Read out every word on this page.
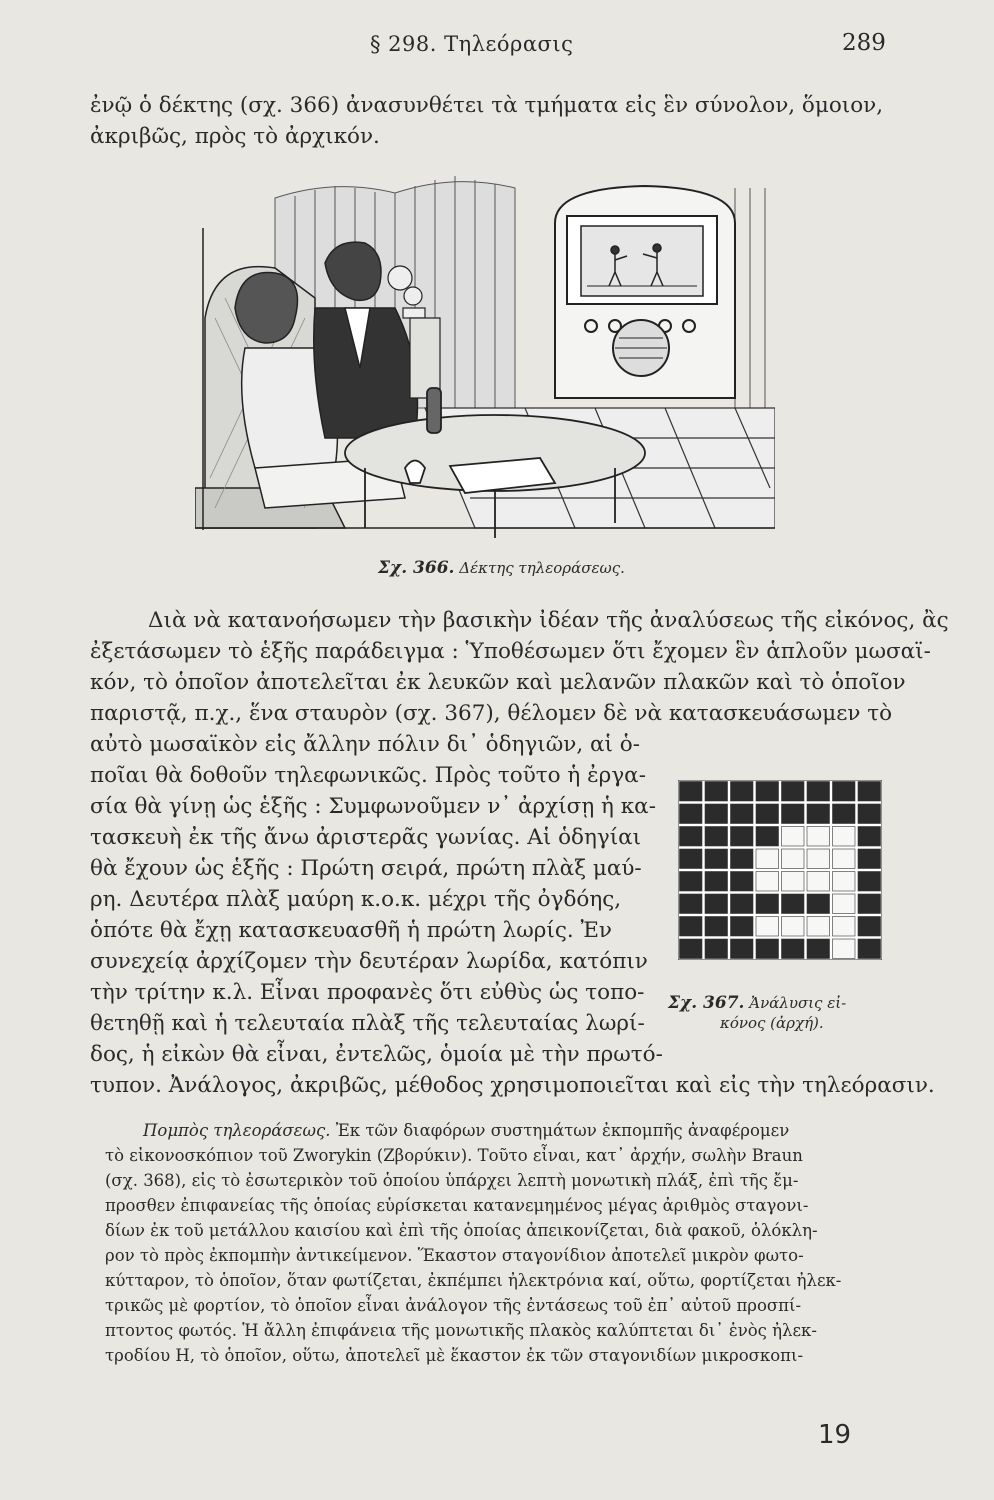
§ 298. Τηλεόρασις	289
ἐνῷ ὁ δέκτης (σχ. 366) ἀνασυνθέτει τὰ τμήματα εἰς ἓν σύνολον, ὅμοιον,
ἀκριβῶς, πρὸς τὸ ἀρχικόν.
Σχ. 366. Δέκτης τηλεοράσεως.
Διὰ νὰ κατανοήσωμεν τὴν βασικὴν ἰδέαν τῆς ἀναλύσεως τῆς εἰκόνος, ἂς
ἐξετάσωμεν τὸ ἑξῆς παράδειγμα : Ὑποθέσωμεν ὅτι ἔχομεν ἓν ἁπλοῦν μωσαϊ-
κόν, τὸ ὁποῖον ἀποτελεῖται ἐκ λευκῶν καὶ μελανῶν πλακῶν καὶ τὸ ὁποῖον
παριστᾷ, π.χ., ἕνα σταυρὸν (σχ. 367), θέλομεν δὲ νὰ κατασκευάσωμεν τὸ
αὐτὸ μωσαϊκὸν εἰς ἄλλην πόλιν δι᾽ ὁδηγιῶν, αἱ ὁ-
ποῖαι θὰ δοθοῦν τηλεφωνικῶς. Πρὸς τοῦτο ἡ ἐργα-
σία θὰ γίνῃ ὡς ἑξῆς : Συμφωνοῦμεν ν᾽ ἀρχίσῃ ἡ κα-
τασκευὴ ἐκ τῆς ἄνω ἀριστερᾶς γωνίας. Αἱ ὁδηγίαι
θὰ ἔχουν ὡς ἑξῆς : Πρώτη σειρά, πρώτη πλὰξ μαύ-
ρη. Δευτέρα πλὰξ μαύρη κ.ο.κ. μέχρι τῆς ὀγδόης,
ὁπότε θὰ ἔχῃ κατασκευασθῆ ἡ πρώτη λωρίς. Ἐν
συνεχείᾳ ἀρχίζομεν τὴν δευτέραν λωρίδα, κατόπιν
τὴν τρίτην κ.λ. Εἶναι προφανὲς ὅτι εὐθὺς ὡς τοπο-
θετηθῇ καὶ ἡ τελευταία πλὰξ τῆς τελευταίας λωρί-
δος, ἡ εἰκὼν θὰ εἶναι, ἐντελῶς, ὁμοία μὲ τὴν πρωτό-
τυπον. Ἀνάλογος, ἀκριβῶς, μέθοδος χρησιμοποιεῖται καὶ εἰς τὴν τηλεόρασιν.
Σχ. 367. Ἀνάλυσις εἰ-
κόνος (ἀρχή).
Πομπὸς τηλεοράσεως. Ἐκ τῶν διαφόρων συστημάτων ἐκπομπῆς ἀναφέρομεν
τὸ εἰκονοσκόπιον τοῦ Zworykin (Ζβορύκιν). Τοῦτο εἶναι, κατ᾽ ἀρχήν, σωλὴν Braun
(σχ. 368), εἰς τὸ ἐσωτερικὸν τοῦ ὁποίου ὑπάρχει λεπτὴ μονωτικὴ πλάξ, ἐπὶ τῆς ἔμ-
προσθεν ἐπιφανείας τῆς ὁποίας εὑρίσκεται κατανεμημένος μέγας ἀριθμὸς σταγονι-
δίων ἐκ τοῦ μετάλλου καισίου καὶ ἐπὶ τῆς ὁποίας ἀπεικονίζεται, διὰ φακοῦ, ὁλόκλη-
ρον τὸ πρὸς ἐκπομπὴν ἀντικείμενον. Ἕκαστον σταγονίδιον ἀποτελεῖ μικρὸν φωτο-
κύτταρον, τὸ ὁποῖον, ὅταν φωτίζεται, ἐκπέμπει ἠλεκτρόνια καί, οὕτω, φορτίζεται ἠλεκ-
τρικῶς μὲ φορτίον, τὸ ὁποῖον εἶναι ἀνάλογον τῆς ἐντάσεως τοῦ ἐπ᾽ αὐτοῦ προσπί-
πτοντος φωτός. Ἡ ἄλλη ἐπιφάνεια τῆς μονωτικῆς πλακὸς καλύπτεται δι᾽ ἑνὸς ἠλεκ-
τροδίου Η, τὸ ὁποῖον, οὕτω, ἀποτελεῖ μὲ ἕκαστον ἐκ τῶν σταγονιδίων μικροσκοπι-
19
